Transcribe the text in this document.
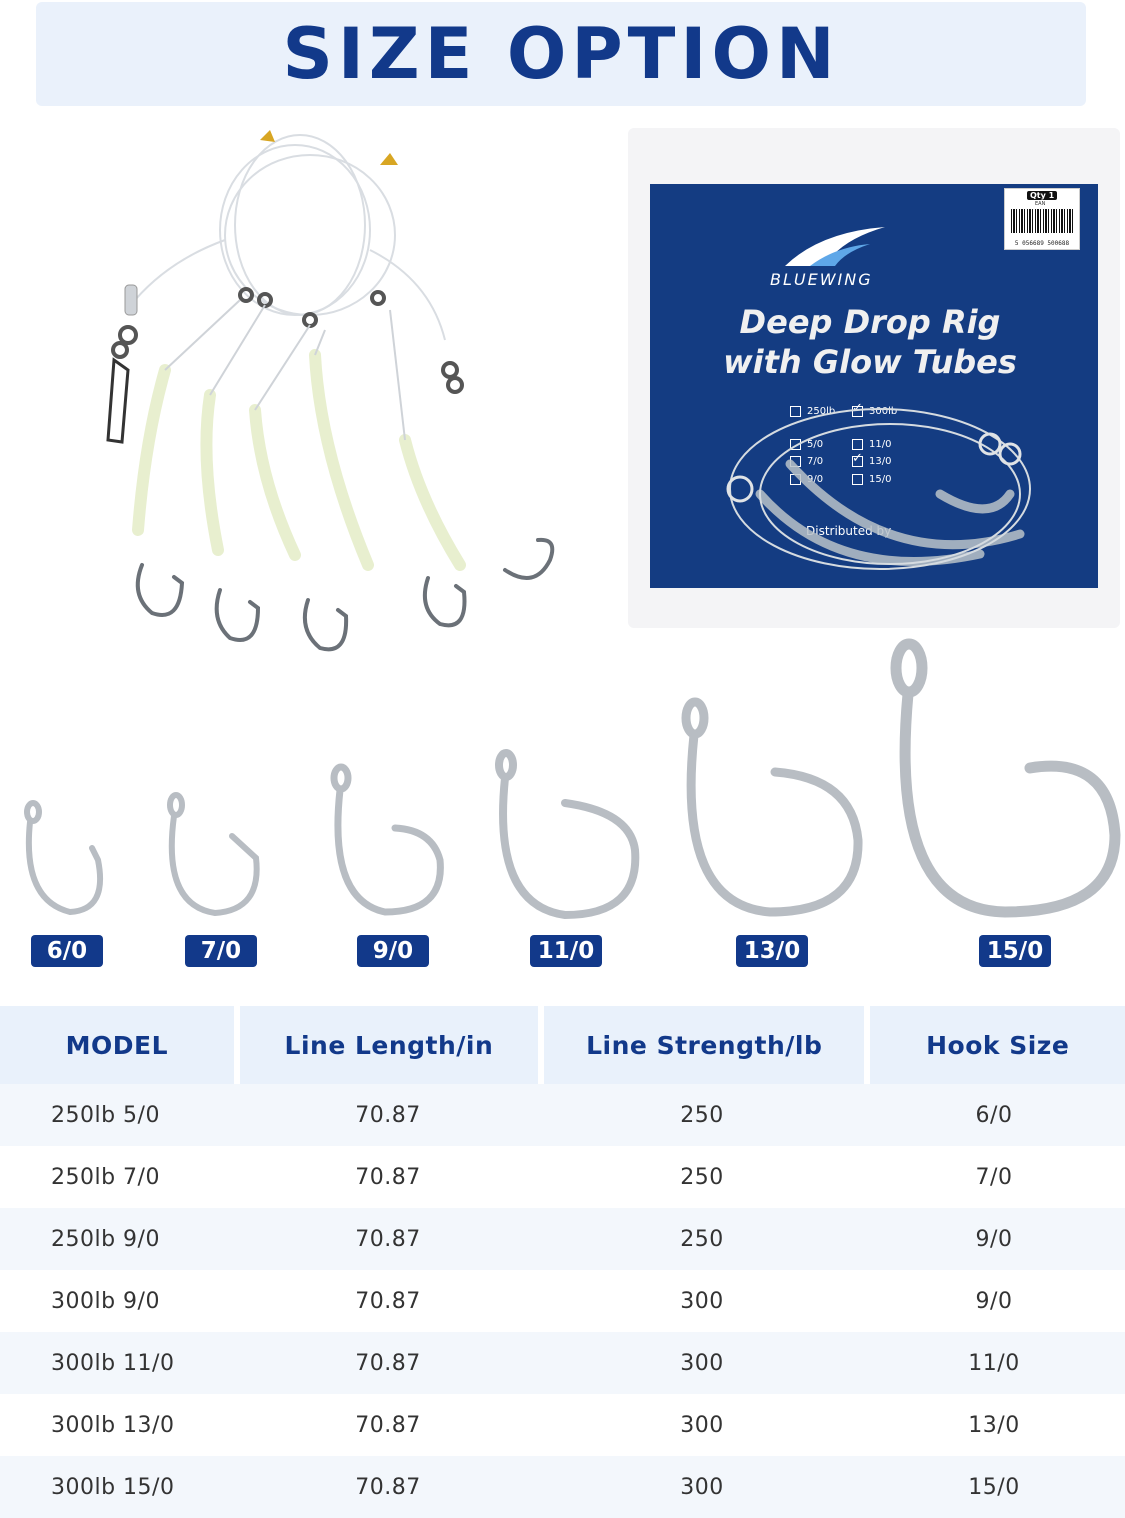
SIZE OPTION
Qty 1
EAN
5 056689 500688
BLUEWING
Deep Drop Rig with Glow Tubes
250lb ✓	300lb
5/0	11/0
7/0 ✓	13/0
9/0	15/0
Distributed by
6/0	7/0	9/0	11/0	13/0	15/0
MODEL	Line Length/in	Line Strength/lb	Hook Size
250lb 5/0	70.87	250	6/0
250lb 7/0	70.87	250	7/0
250lb 9/0	70.87	250	9/0
300lb 9/0	70.87	300	9/0
300lb 11/0	70.87	300	11/0
300lb 13/0	70.87	300	13/0
300lb 15/0	70.87	300	15/0
